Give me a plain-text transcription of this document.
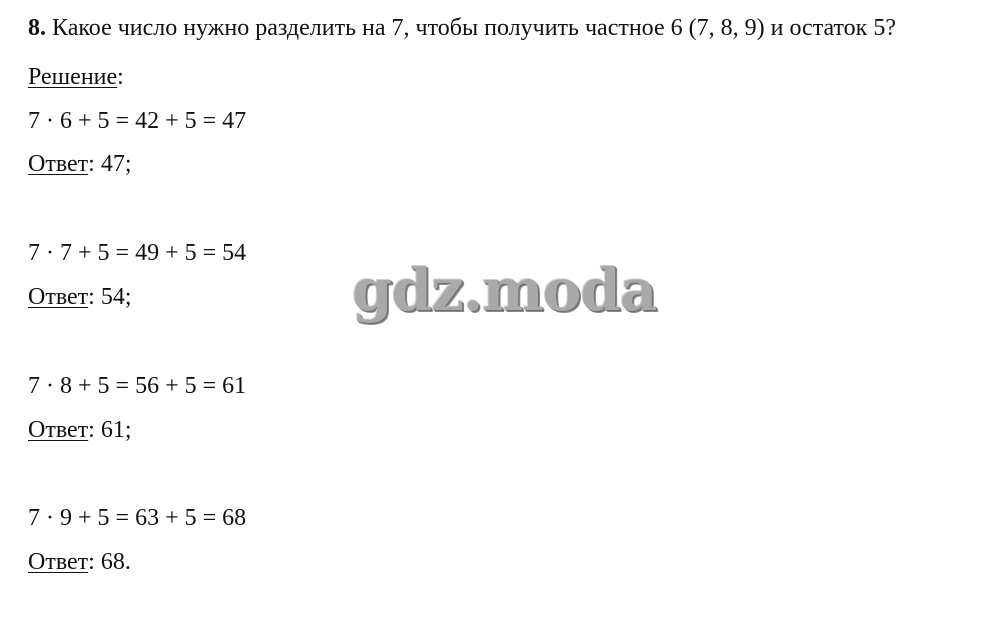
8. Какое число нужно разделить на 7, чтобы получить частное 6 (7, 8, 9) и остаток 5?
Решение:
7 · 6 + 5 = 42 + 5 = 47
Ответ: 47;
7 · 7 + 5 = 49 + 5 = 54
Ответ: 54;
7 · 8 + 5 = 56 + 5 = 61
Ответ: 61;
7 · 9 + 5 = 63 + 5 = 68
Ответ: 68.
gdz.moda
